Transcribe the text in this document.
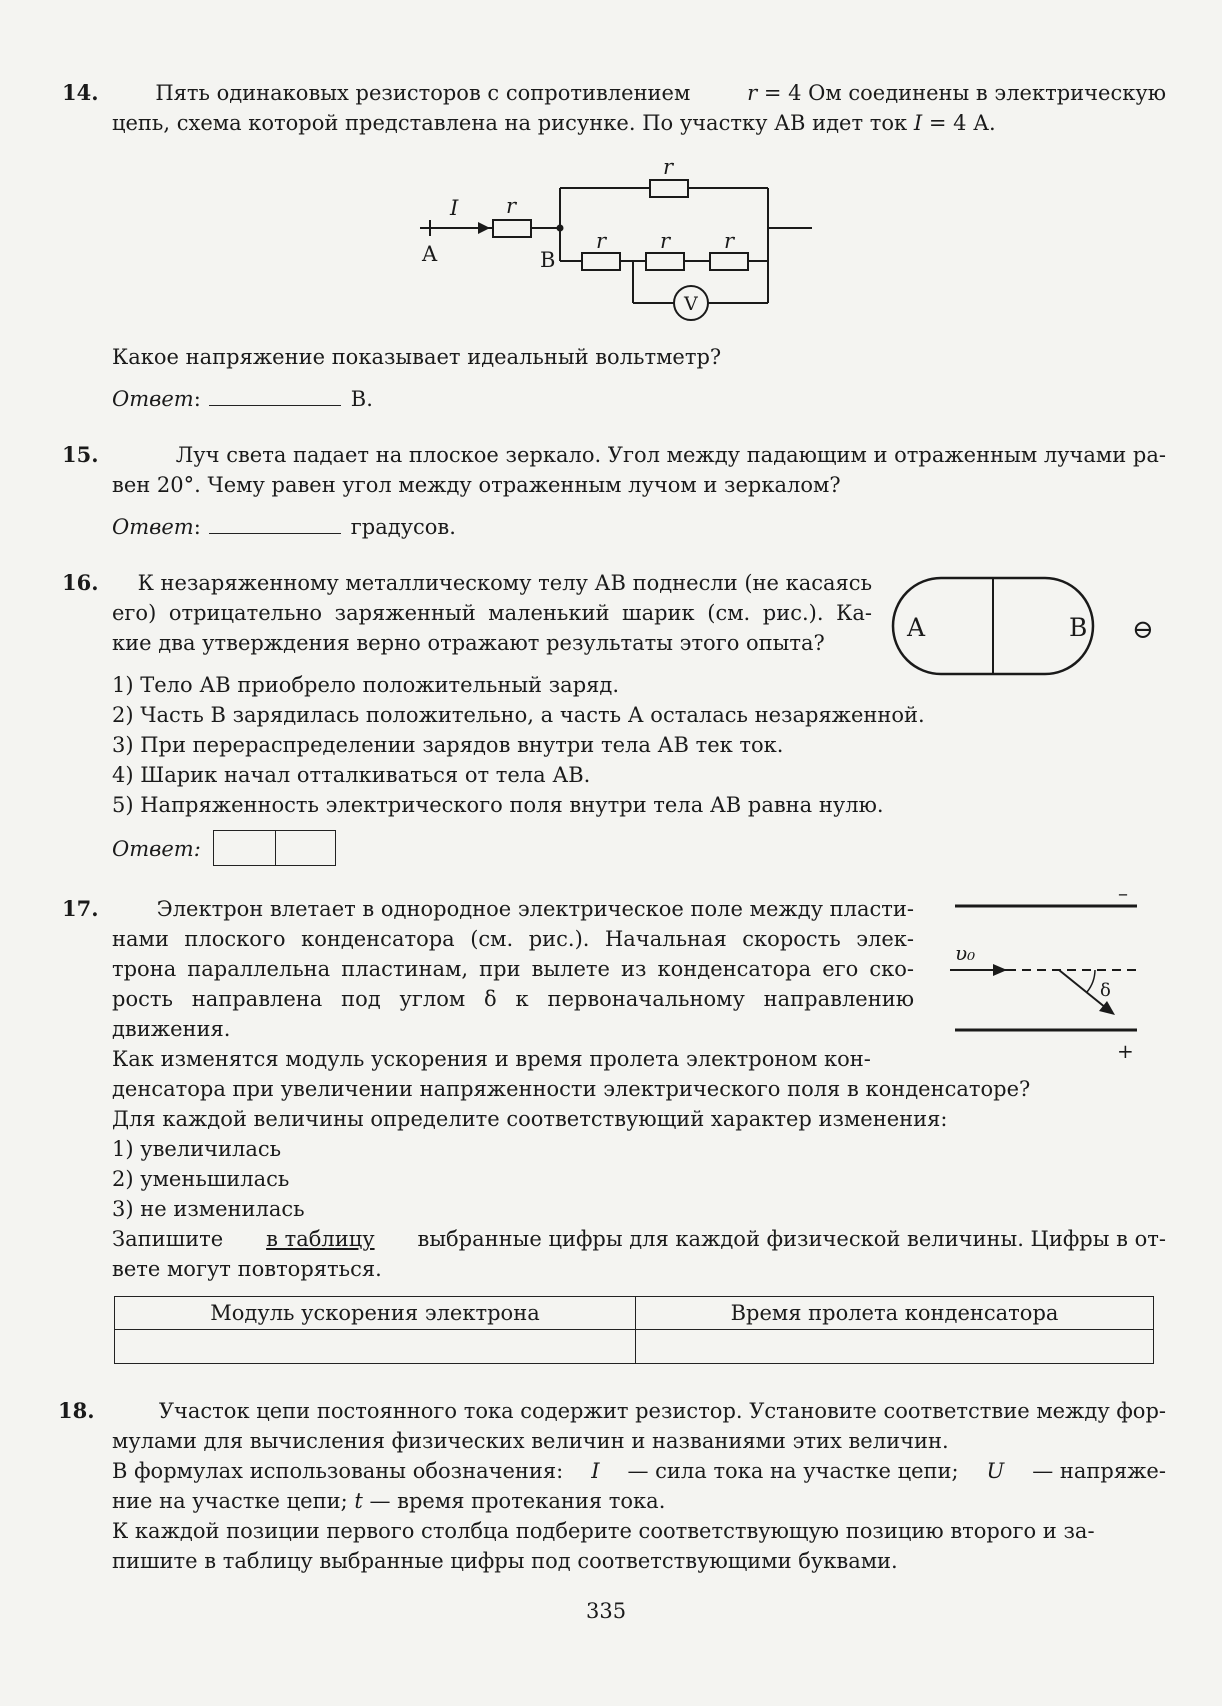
14.	Пять одинаковых резисторов с сопротивлением	r = 4 Ом соединены в электрическую
цепь, схема которой представлена на рисунке. По участку АВ идет ток I = 4 А.
I r
r
r	r	r
A	B
V
Какое напряжение показывает идеальный вольтметр?
Ответ:	В.
15.	Луч света падает на плоское зеркало. Угол между падающим и отраженным лучами ра-
вен 20°. Чему равен угол между отраженным лучом и зеркалом?
Ответ:	градусов.
16. К незаряженному металлическому телу АВ поднесли (не касаясь
его) отрицательно заряженный маленький шарик (см. рис.). Ка-
кие два утверждения верно отражают результаты этого опыта?
A	B ⊖
1) Тело АВ приобрело положительный заряд.
2) Часть В зарядилась положительно, а часть А осталась незаряженной.
3) При перераспределении зарядов внутри тела АВ тек ток.
4) Шарик начал отталкиваться от тела АВ.
5) Напряженность электрического поля внутри тела АВ равна нулю.
Ответ:
17.	Электрон влетает в однородное электрическое поле между пласти-
нами плоского конденсатора (см. рис.). Начальная скорость элек-
трона параллельна пластинам, при вылете из конденсатора его ско-
рость направлена под углом δ к первоначальному направлению
движения.
Как изменятся модуль ускорения и время пролета электроном кон-
денсатора при увеличении напряженности электрического поля в конденсаторе?
Для каждой величины определите соответствующий характер изменения:
–
+
υ₀
δ
1) увеличилась
2) уменьшилась
3) не изменилась
Запишите в таблицу выбранные цифры для каждой физической величины. Цифры в от-
вете могут повторяться.
Модуль ускорения электрона	Время пролета конденсатора

18.	Участок цепи постоянного тока содержит резистор. Установите соответствие между фор-
мулами для вычисления физических величин и названиями этих величин.
В формулах использованы обозначения: I — сила тока на участке цепи; U — напряже-
ние на участке цепи; t — время протекания тока.
К каждой позиции первого столбца подберите соответствующую позицию второго и за-
пишите в таблицу выбранные цифры под соответствующими буквами.
335
